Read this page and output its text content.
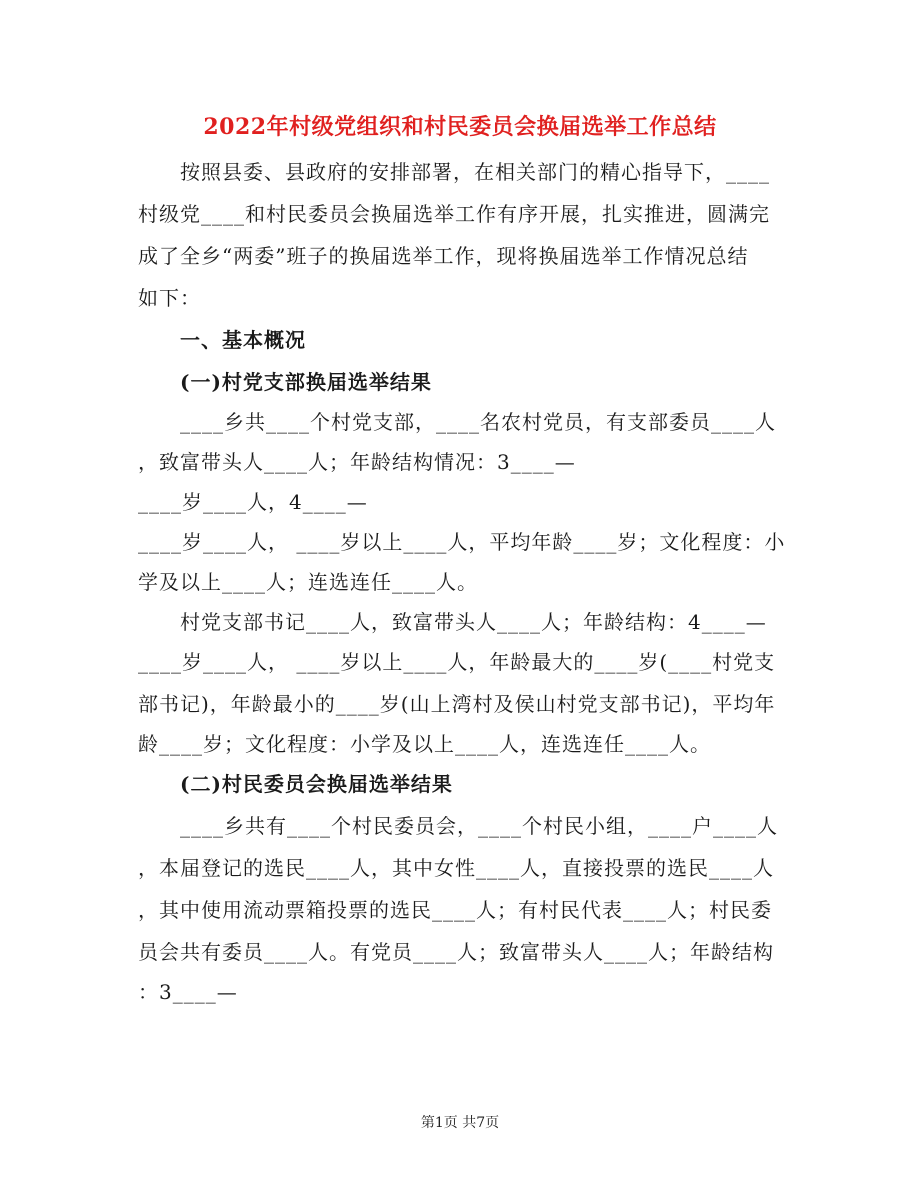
2022年村级党组织和村民委员会换届选举工作总结
按照县委、县政府的安排部署，在相关部门的精心指导下，____
村级党____和村民委员会换届选举工作有序开展，扎实推进，圆满完
成了全乡“两委”班子的换届选举工作，现将换届选举工作情况总结
如下：
一、基本概况
(一)村党支部换届选举结果
____乡共____个村党支部，____名农村党员，有支部委员____人
，致富带头人____人；年龄结构情况：3____—
____岁____人，4____—
____岁____人， ____岁以上____人，平均年龄____岁；文化程度：小
学及以上____人；连选连任____人。
村党支部书记____人，致富带头人____人；年龄结构：4____—
____岁____人， ____岁以上____人，年龄最大的____岁(____村党支
部书记)，年龄最小的____岁(山上湾村及侯山村党支部书记)，平均年
龄____岁；文化程度：小学及以上____人，连选连任____人。
(二)村民委员会换届选举结果
____乡共有____个村民委员会，____个村民小组，____户____人
，本届登记的选民____人，其中女性____人，直接投票的选民____人
，其中使用流动票箱投票的选民____人；有村民代表____人；村民委
员会共有委员____人。有党员____人；致富带头人____人；年龄结构
：3____—
第1页 共7页
